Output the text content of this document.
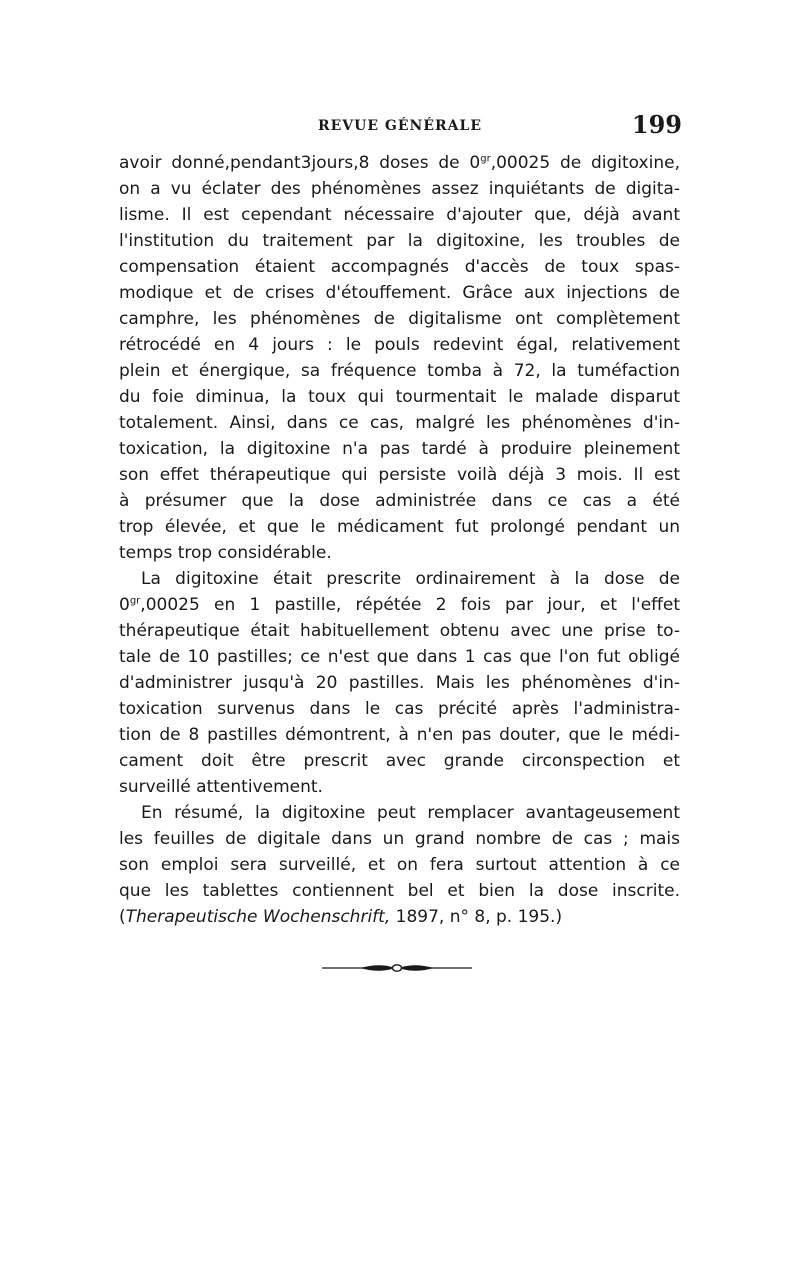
REVUE GÉNÉRALE	199
avoir donné,pendant3jours,8 doses de $0^{gr},00025$ de digitoxine,
on a vu éclater des phénomènes assez inquiétants de digita-
lisme. Il est cependant nécessaire d'ajouter que, déjà avant
l'institution du traitement par la digitoxine, les troubles de
compensation étaient accompagnés d'accès de toux spas-
modique et de crises d'étouffement. Grâce aux injections de
camphre, les phénomènes de digitalisme ont complètement
rétrocédé en 4 jours : le pouls redevint égal, relativement
plein et énergique, sa fréquence tomba à 72, la tuméfaction
du foie diminua, la toux qui tourmentait le malade disparut
totalement. Ainsi, dans ce cas, malgré les phénomènes d'in-
toxication, la digitoxine n'a pas tardé à produire pleinement
son effet thérapeutique qui persiste voilà déjà 3 mois. Il est
à présumer que la dose administrée dans ce cas a été
trop élevée, et que le médicament fut prolongé pendant un
temps trop considérable.
La digitoxine était prescrite ordinairement à la dose de
$0^{gr},00025$ en 1 pastille, répétée 2 fois par jour, et l'effet
thérapeutique était habituellement obtenu avec une prise to-
tale de 10 pastilles; ce n'est que dans 1 cas que l'on fut obligé
d'administrer jusqu'à 20 pastilles. Mais les phénomènes d'in-
toxication survenus dans le cas précité après l'administra-
tion de 8 pastilles démontrent, à n'en pas douter, que le médi-
cament doit être prescrit avec grande circonspection et
surveillé attentivement.
En résumé, la digitoxine peut remplacer avantageusement
les feuilles de digitale dans un grand nombre de cas ; mais
son emploi sera surveillé, et on fera surtout attention à ce
que les tablettes contiennent bel et bien la dose inscrite.
(Therapeutische Wochenschrift, 1897, n° 8, p. 195.)
